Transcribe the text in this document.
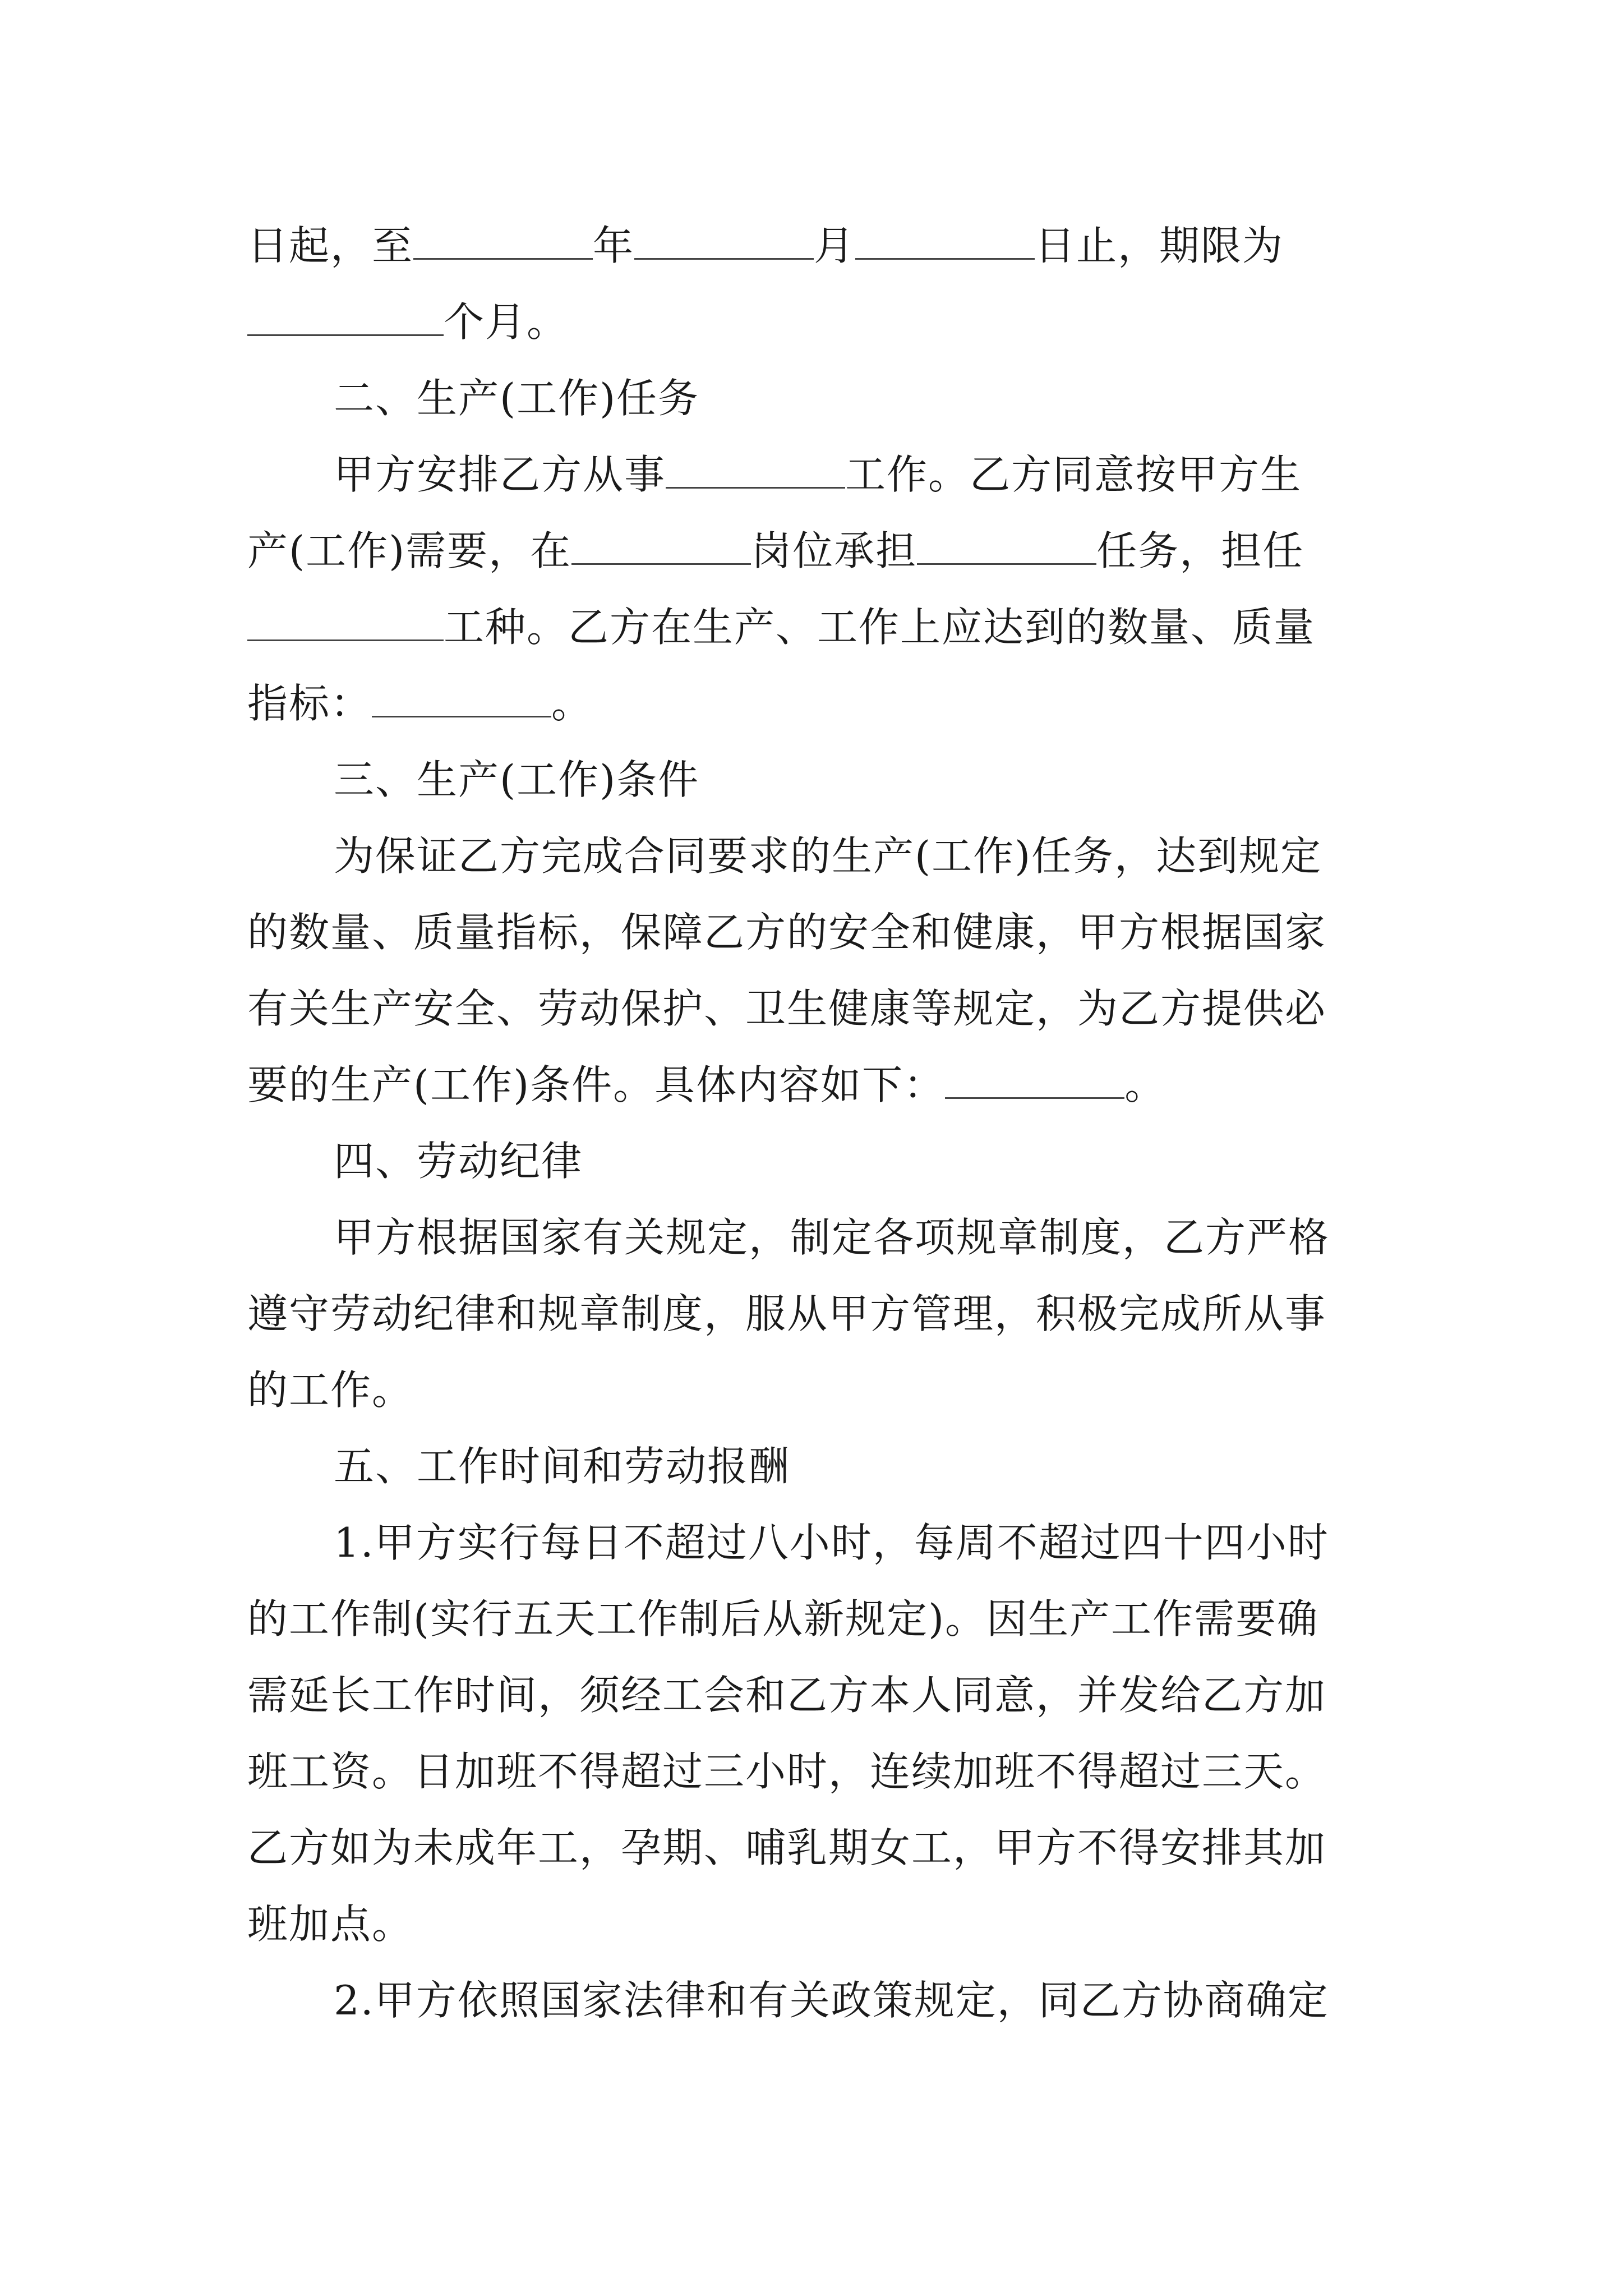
日起，至	年	月	日止，期限为
个月。
二、生产(工作)任务
甲方安排乙方从事	工作。乙方同意按甲方生
产(工作)需要，在	岗位承担	任务，担任
工种。乙方在生产、工作上应达到的数量、质量
指标：	。
三、生产(工作)条件
为保证乙方完成合同要求的生产(工作)任务，达到规定
的数量、质量指标，保障乙方的安全和健康，甲方根据国家
有关生产安全、劳动保护、卫生健康等规定，为乙方提供必
要的生产(工作)条件。具体内容如下：	。
四、劳动纪律
甲方根据国家有关规定，制定各项规章制度，乙方严格
遵守劳动纪律和规章制度，服从甲方管理，积极完成所从事
的工作。
五、工作时间和劳动报酬
1.甲方实行每日不超过八小时，每周不超过四十四小时
的工作制(实行五天工作制后从新规定)。因生产工作需要确
需延长工作时间，须经工会和乙方本人同意，并发给乙方加
班工资。日加班不得超过三小时，连续加班不得超过三天。
乙方如为未成年工，孕期、哺乳期女工，甲方不得安排其加
班加点。
2.甲方依照国家法律和有关政策规定，同乙方协商确定
